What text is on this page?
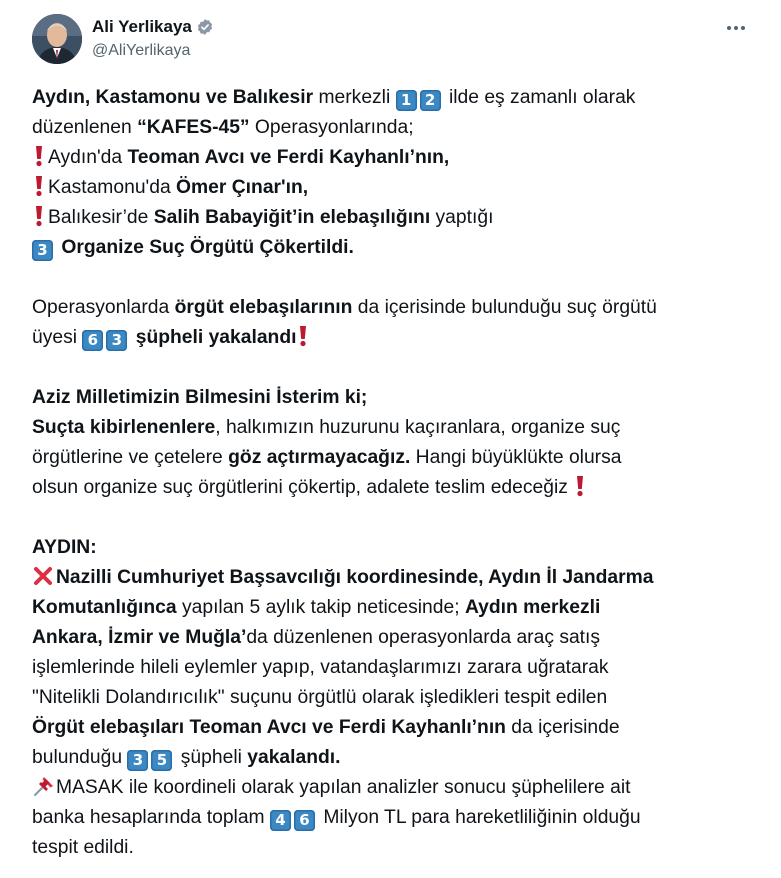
Ali Yerlikaya
@AliYerlikaya
Aydın, Kastamonu ve Balıkesir merkezli 1 2 ilde eş zamanlı olarak
düzenlenen “KAFES-45” Operasyonlarında;
Aydın'da Teoman Avcı ve Ferdi Kayhanlı’nın,
Kastamonu'da Ömer Çınar'ın,
Balıkesir’de Salih Babayiğit’in elebaşılığını yaptığı
3 Organize Suç Örgütü Çökertildi.
Operasyonlarda örgüt elebaşılarının da içerisinde bulunduğu suç örgütü
üyesi 6 3 şüpheli yakalandı
Aziz Milletimizin Bilmesini İsterim ki;
Suçta kibirlenenlere, halkımızın huzurunu kaçıranlara, organize suç
örgütlerine ve çetelere göz açtırmayacağız. Hangi büyüklükte olursa
olsun organize suç örgütlerini çökertip, adalete teslim edeceğiz
AYDIN:
Nazilli Cumhuriyet Başsavcılığı koordinesinde, Aydın İl Jandarma
Komutanlığınca yapılan 5 aylık takip neticesinde; Aydın merkezli
Ankara, İzmir ve Muğla’da düzenlenen operasyonlarda araç satış
işlemlerinde hileli eylemler yapıp, vatandaşlarımızı zarara uğratarak
"Nitelikli Dolandırıcılık" suçunu örgütlü olarak işledikleri tespit edilen
Örgüt elebaşıları Teoman Avcı ve Ferdi Kayhanlı’nın da içerisinde
bulunduğu 3 5 şüpheli yakalandı.
MASAK ile koordineli olarak yapılan analizler sonucu şüphelilere ait
banka hesaplarında toplam 4 6 Milyon TL para hareketliliğinin olduğu
tespit edildi.
